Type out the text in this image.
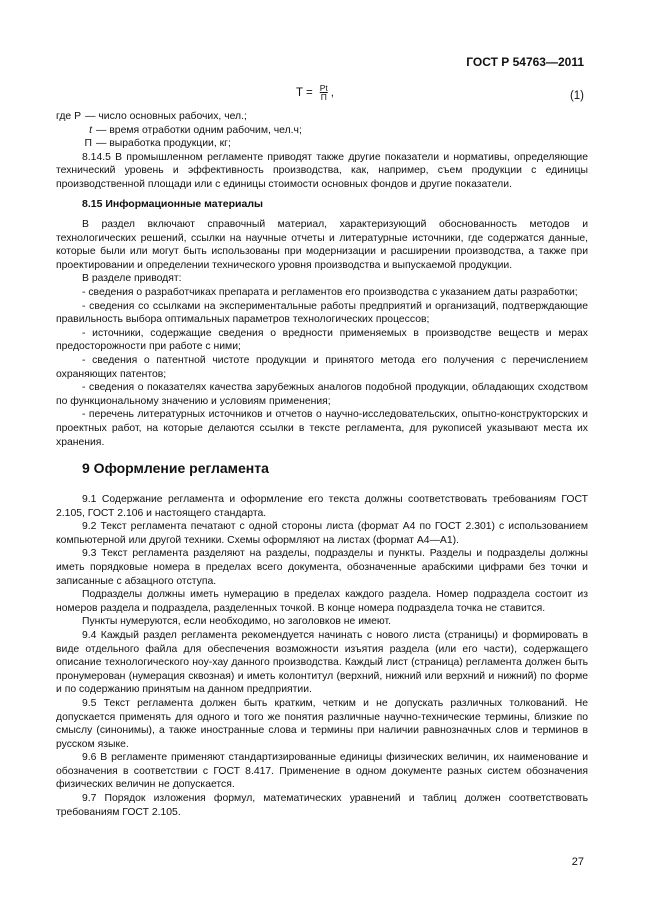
ГОСТ Р 54763—2011
$T = \frac{Pt}{П}$ ,	(1)
где Р — число основных рабочих, чел.;
t — время отработки одним рабочим, чел.ч;
П — выработка продукции, кг;

8.14.5 В промышленном регламенте приводят также другие показатели и нормативы, определяющие технический уровень и эффективность производства, как, например, съем продукции с единицы производственной площади или с единицы стоимости основных фондов и другие показатели.

8.15 Информационные материалы

В раздел включают справочный материал, характеризующий обоснованность методов и технологических решений, ссылки на научные отчеты и литературные источники, где содержатся данные, которые были или могут быть использованы при модернизации и расширении производства, а также при проектировании и определении технического уровня производства и выпускаемой продукции.

В разделе приводят:

- сведения о разработчиках препарата и регламентов его производства с указанием даты разработки;

- сведения со ссылками на экспериментальные работы предприятий и организаций, подтверждающие правильность выбора оптимальных параметров технологических процессов;

- источники, содержащие сведения о вредности применяемых в производстве веществ и мерах предосторожности при работе с ними;

- сведения о патентной чистоте продукции и принятого метода его получения с перечислением охраняющих патентов;

- сведения о показателях качества зарубежных аналогов подобной продукции, обладающих сходством по функциональному значению и условиям применения;

- перечень литературных источников и отчетов о научно-исследовательских, опытно-конструкторских и проектных работ, на которые делаются ссылки в тексте регламента, для рукописей указывают места их хранения.

9 Оформление регламента

9.1 Содержание регламента и оформление его текста должны соответствовать требованиям ГОСТ 2.105, ГОСТ 2.106 и настоящего стандарта.

9.2 Текст регламента печатают с одной стороны листа (формат А4 по ГОСТ 2.301) с использованием компьютерной или другой техники. Схемы оформляют на листах (формат А4—А1).

9.3 Текст регламента разделяют на разделы, подразделы и пункты. Разделы и подразделы должны иметь порядковые номера в пределах всего документа, обозначенные арабскими цифрами без точки и записанные с абзацного отступа.

Подразделы должны иметь нумерацию в пределах каждого раздела. Номер подраздела состоит из номеров раздела и подраздела, разделенных точкой. В конце номера подраздела точка не ставится.

Пункты нумеруются, если необходимо, но заголовков не имеют.

9.4 Каждый раздел регламента рекомендуется начинать с нового листа (страницы) и формировать в виде отдельного файла для обеспечения возможности изъятия раздела (или его части), содержащего описание технологического ноу-хау данного производства. Каждый лист (страница) регламента должен быть пронумерован (нумерация сквозная) и иметь колонтитул (верхний, нижний или верхний и нижний) по форме и по содержанию принятым на данном предприятии.

9.5 Текст регламента должен быть кратким, четким и не допускать различных толкований. Не допускается применять для одного и того же понятия различные научно-технические термины, близкие по смыслу (синонимы), а также иностранные слова и термины при наличии равнозначных слов и терминов в русском языке.

9.6 В регламенте применяют стандартизированные единицы физических величин, их наименование и обозначения в соответствии с ГОСТ 8.417. Применение в одном документе разных систем обозначения физических величин не допускается.

9.7 Порядок изложения формул, математических уравнений и таблиц должен соответствовать требованиям ГОСТ 2.105.

27
